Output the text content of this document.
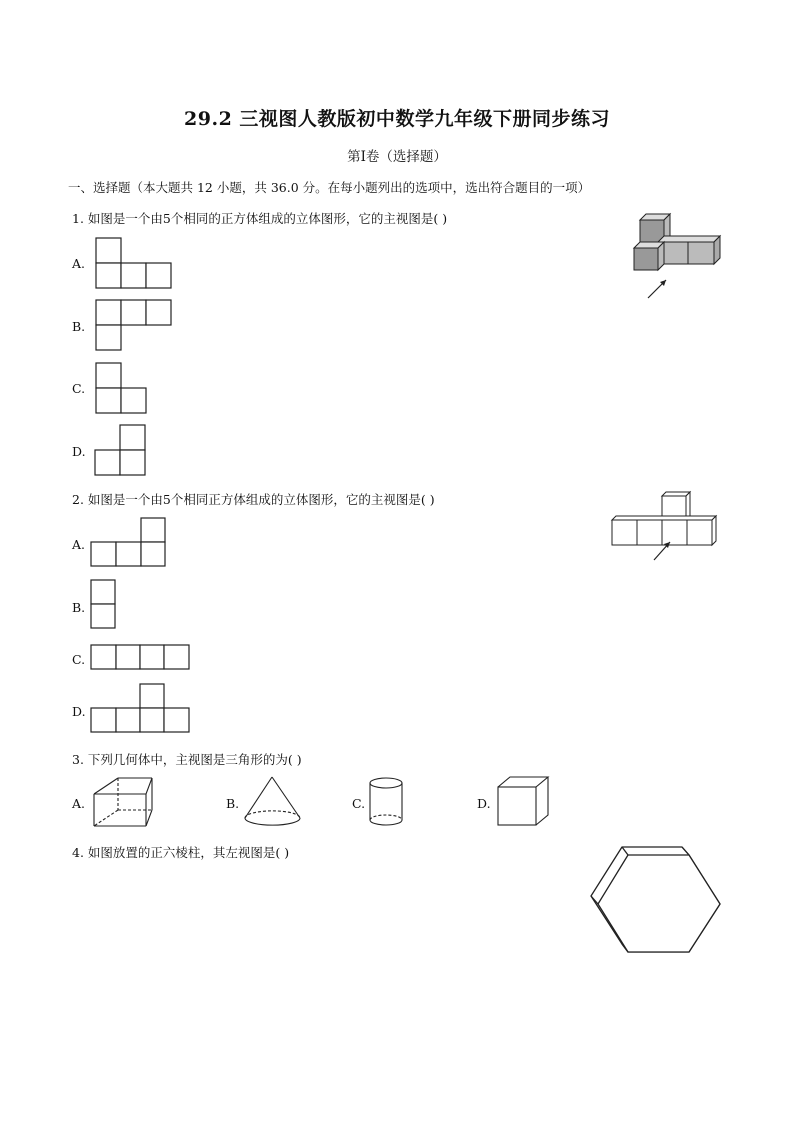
29.2 三视图人教版初中数学九年级下册同步练习
第Ⅰ卷（选择题）
一、选择题（本大题共 12 小题，共 36.0 分。在每小题列出的选项中，选出符合题目的一项）
1. 如图是一个由5个相同的正方体组成的立体图形，它的主视图是( )
A.
B.
C.
D.
2. 如图是一个由5个相同正方体组成的立体图形，它的主视图是( )
A.
B.
C.
D.
3. 下列几何体中，主视图是三角形的为( )
A.	B.	C.	D.
4. 如图放置的正六棱柱，其左视图是( )
